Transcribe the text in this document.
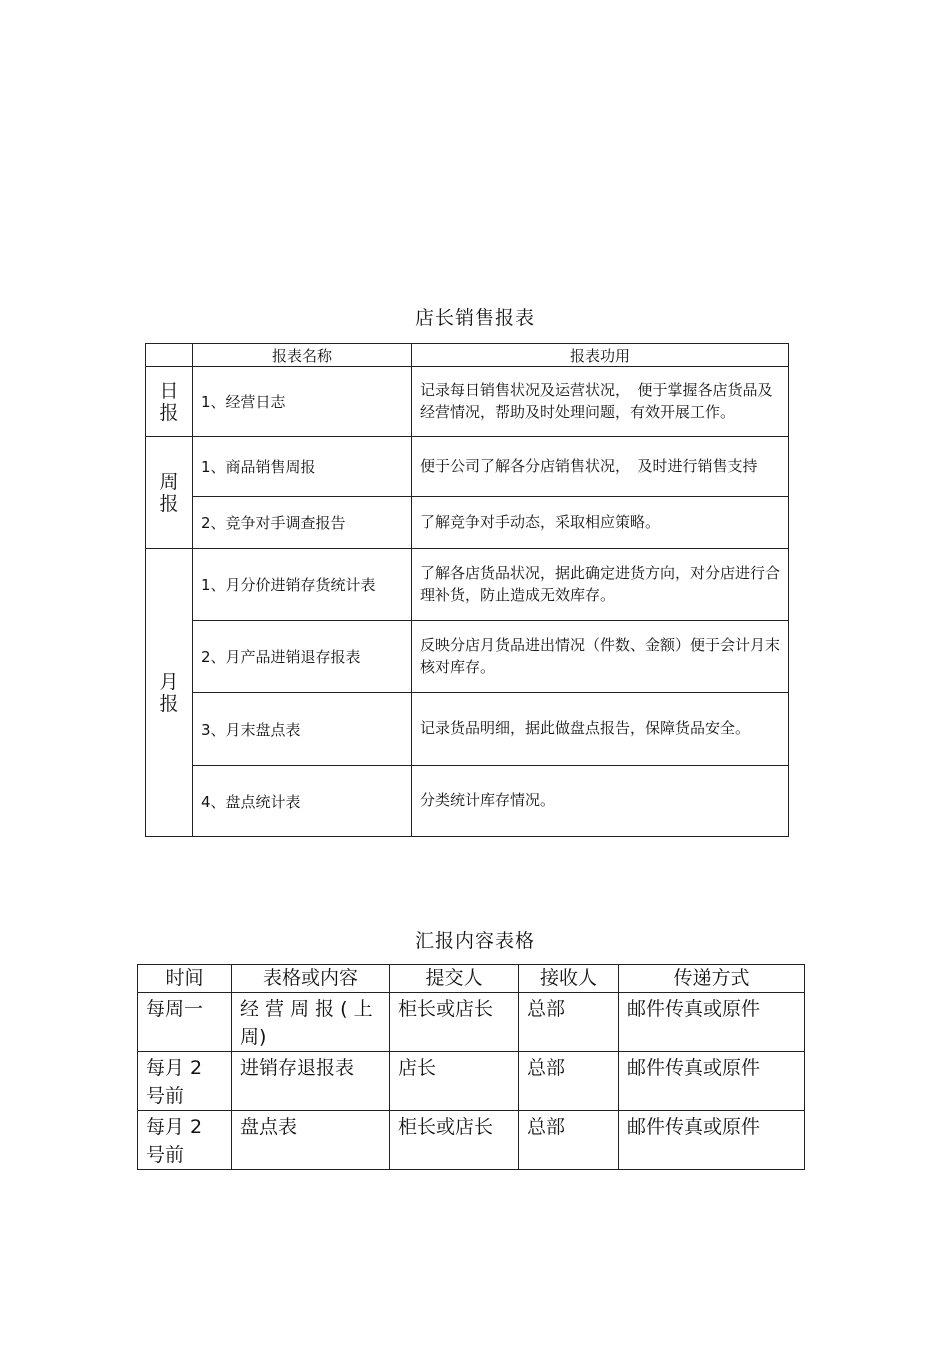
店长销售报表
	报表名称	报表功用

日
报	1、经营日志	记录每日销售状况及运营状况，　便于掌握各店货品及经营情况，帮助及时处理问题，有效开展工作。

周
报	1、商品销售周报	便于公司了解各分店销售状况，　及时进行销售支持
	2、竞争对手调查报告	了解竞争对手动态，采取相应策略。

月
报	1、月分价进销存货统计表	了解各店货品状况，据此确定进货方向，对分店进行合理补货，防止造成无效库存。
	2、月产品进销退存报表	反映分店月货品进出情况（件数、金额）便于会计月末核对库存。
	3、月末盘点表	记录货品明细，据此做盘点报告，保障货品安全。
	4、盘点统计表	分类统计库存情况。
汇报内容表格
时间	表格或内容	提交人	接收人	传递方式
每周一	经 营 周 报 ( 上周)	柜长或店长	总部	邮件传真或原件
每月 2 号前	进销存退报表	店长	总部	邮件传真或原件
每月 2 号前	盘点表	柜长或店长	总部	邮件传真或原件
